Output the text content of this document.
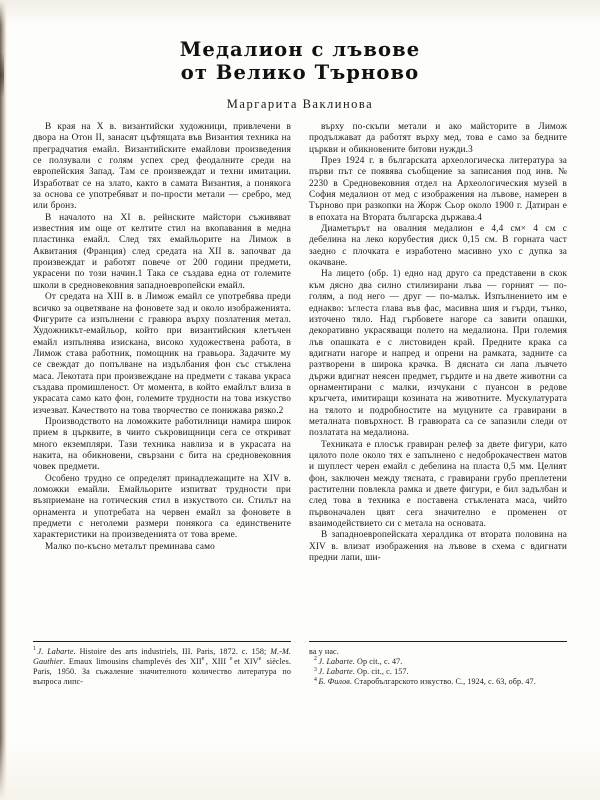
Медалион с лъвове
от Велико Търново
Маргарита Ваклинова

В края на X в. византийски художници, привлечени в двора на Отон II, занасят цъфтящата във Византия техника на преградчатия емайл. Византийските емайлови произведения се ползували с голям успех сред феодалните среди на европейския Запад. Там се произвеждат и техни имитации. Изработват се на злато, както в самата Византия, а понякога за основа се употребяват и по-прости метали — сребро, мед или бронз.

В началото на XI в. рейнските майстори съживяват известния им още от келтите стил на вкопавания в медна пластинка емайл. След тях емайльорите на Лимож в Аквитания (Франция) след средата на XII в. започват да произвеждат и работят повече от 200 години предмети, украсени по този начин.1 Така се създава една от големите школи в средновековния западноевропейски емайл.

От средата на XIII в. в Лимож емайл се употребява преди всичко за оцветяване на фоновете зад и около изображенията. Фигурите са изпълнени с гравюра върху позлатения метал. Художникът-емайльор, който при византийския клетъчен емайл изпълнява изискана, високо художествена работа, в Лимож става работник, помощник на гравьора. Задачите му се свеждат до попълване на издълбания фон със стъклена маса. Лекотата при произвеждане на предмети с такава украса създава промишленост. От момента, в който емайлът влиза в украсата само като фон, големите трудности на това изкуство изчезват. Качеството на това творчество се понижава рязко.2

Производството на ломожките работилници намира широк прием в църквите, в чиито съкровищници сега се откриват много екземпляри. Тази техника навлиза и в украсата на накита, на обикновени, свързани с бита на средновековния човек предмети.

Особено трудно се определят принадлежащите на XIV в. ломожки емайли. Емайльорите изпитват трудности при възприемане на готическия стил в изкуството си. Стилът на орнамента и употребата на червен емайл за фоновете в предмети с неголеми размери понякога са единствените характеристики на произведенията от това време.

Малко по-късно металът преминава само

върху по-скъпи метали и ако майсторите в Лимож продължават да работят върху мед, това е само за бедните църкви и обикновените битови нужди.3

През 1924 г. в българската археологическа литература за първи път се появява съобщение за записания под инв. № 2230 в Средновековния отдел на Археологическия музей в София медалион от мед с изображения на лъвове, намерен в Търново при разкопки на Жорж Сьор около 1900 г. Датиран е в епохата на Втората българска държава.4

Диаметърът на овалния медалион е 4,4 см× 4 см с дебелина на леко корубестия диск 0,15 см. В горната част заедно с плочката е изработено масивно ухо с дупка за окачване.

На лицето (обр. 1) едно над друго са представени в скок към дясно два силно стилизирани лъва — горният — по-голям, а под него — друг — по-малък. Изпълнението им е еднакво: ъглеста глава във фас, масивна шия и гърди, тънко, източено тяло. Над гърбовете нагоре са завити опашки, декоративно украсяващи полето на медалиона. При големия лъв опашката е с листовиден край. Предните крака са вдигнати нагоре и напред и опрени на рамката, задните са разтворени в широка крачка. В дясната си лапа лъвчето държи вдигнат неясен предмет, гърдите и на двете животни са орнаментирани с малки, изчукани с пуансон в редове кръгчета, имитиращи козината на животните. Мускулатурата на тялото и подробностите на муцуните са гравирани в металната повърхност. В гравюрата са се запазили следи от позлатата на медалиона.

Техниката е плосък гравиран релеф за двете фигури, като цялото поле около тях е запълнено с недоброкачествен матов и шуплест черен емайл с дебелина на пласта 0,5 мм. Целият фон, заключен между тясната, с гравирани грубо преплетени растителни повлекла рамка и двете фигури, е бил задълбан и след това в техника е поставена стъклената маса, чийто първоначален цвят сега значително е променен от взаимодействието си с метала на основата.

В западноевропейската хералдика от втората половина на XIV в. влизат изображения на лъвове в схема с вдигнати предни лапи, ши-

$^1$ J. Labarte. Histoire des arts industriels, III. Paris, 1872. с. 158; M.-M. Gauthier. Emaux limousins champlevés des XIIe , XIII $^e$ et XIVe siècles. Paris, 1950. За съжаление значителното количество литература по въпроса липс-

ва у нас.

$^2$ J. Labarte. Op cit., с. 47.

$^3$ J. Labarte. Op. cit., с. 157.

$^4$ Б. Филов. Старобългарското изкуство. С., 1924, с. 63, обр. 47.
